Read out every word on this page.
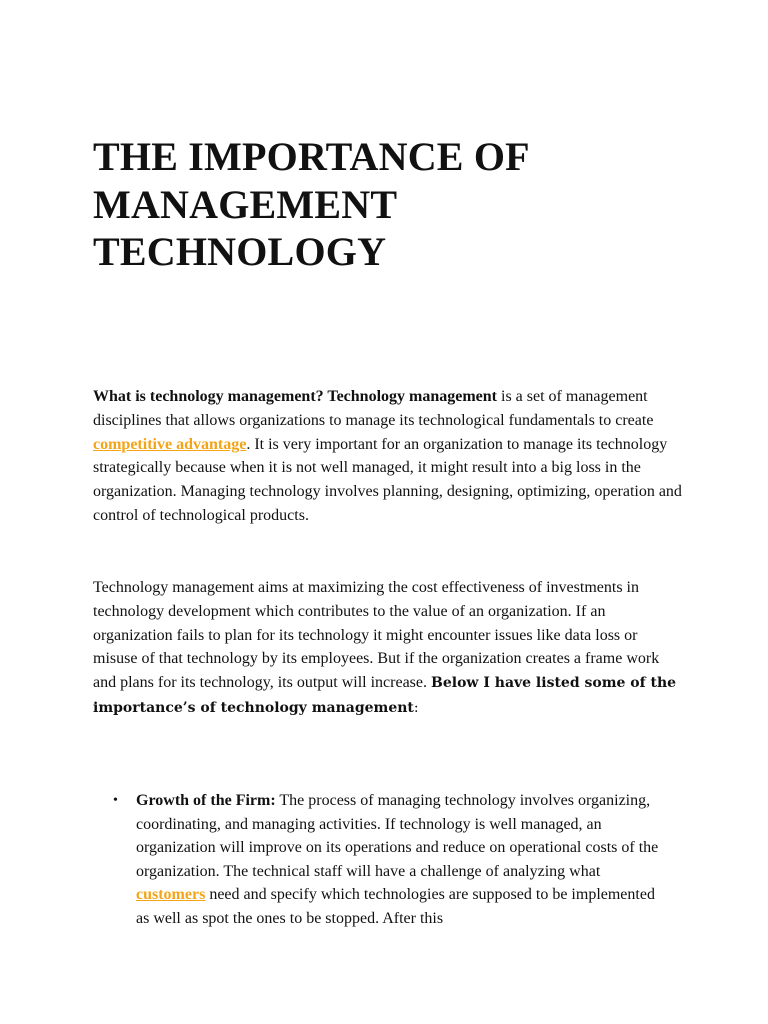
THE IMPORTANCE OF MANAGEMENT TECHNOLOGY

What is technology management? Technology management is a set of management disciplines that allows organizations to manage its technological fundamentals to create competitive advantage. It is very important for an organization to manage its technology strategically because when it is not well managed, it might result into a big loss in the organization. Managing technology involves planning, designing, optimizing, operation and control of technological products.

Technology management aims at maximizing the cost effectiveness of investments in technology development which contributes to the value of an organization. If an organization fails to plan for its technology it might encounter issues like data loss or misuse of that technology by its employees. But if the organization creates a frame work and plans for its technology, its output will increase. Below I have listed some of the importance’s of technology management:

• Growth of the Firm: The process of managing technology involves organizing, coordinating, and managing activities. If technology is well managed, an organization will improve on its operations and reduce on operational costs of the organization. The technical staff will have a challenge of analyzing what customers need and specify which technologies are supposed to be implemented as well as spot the ones to be stopped. After this
